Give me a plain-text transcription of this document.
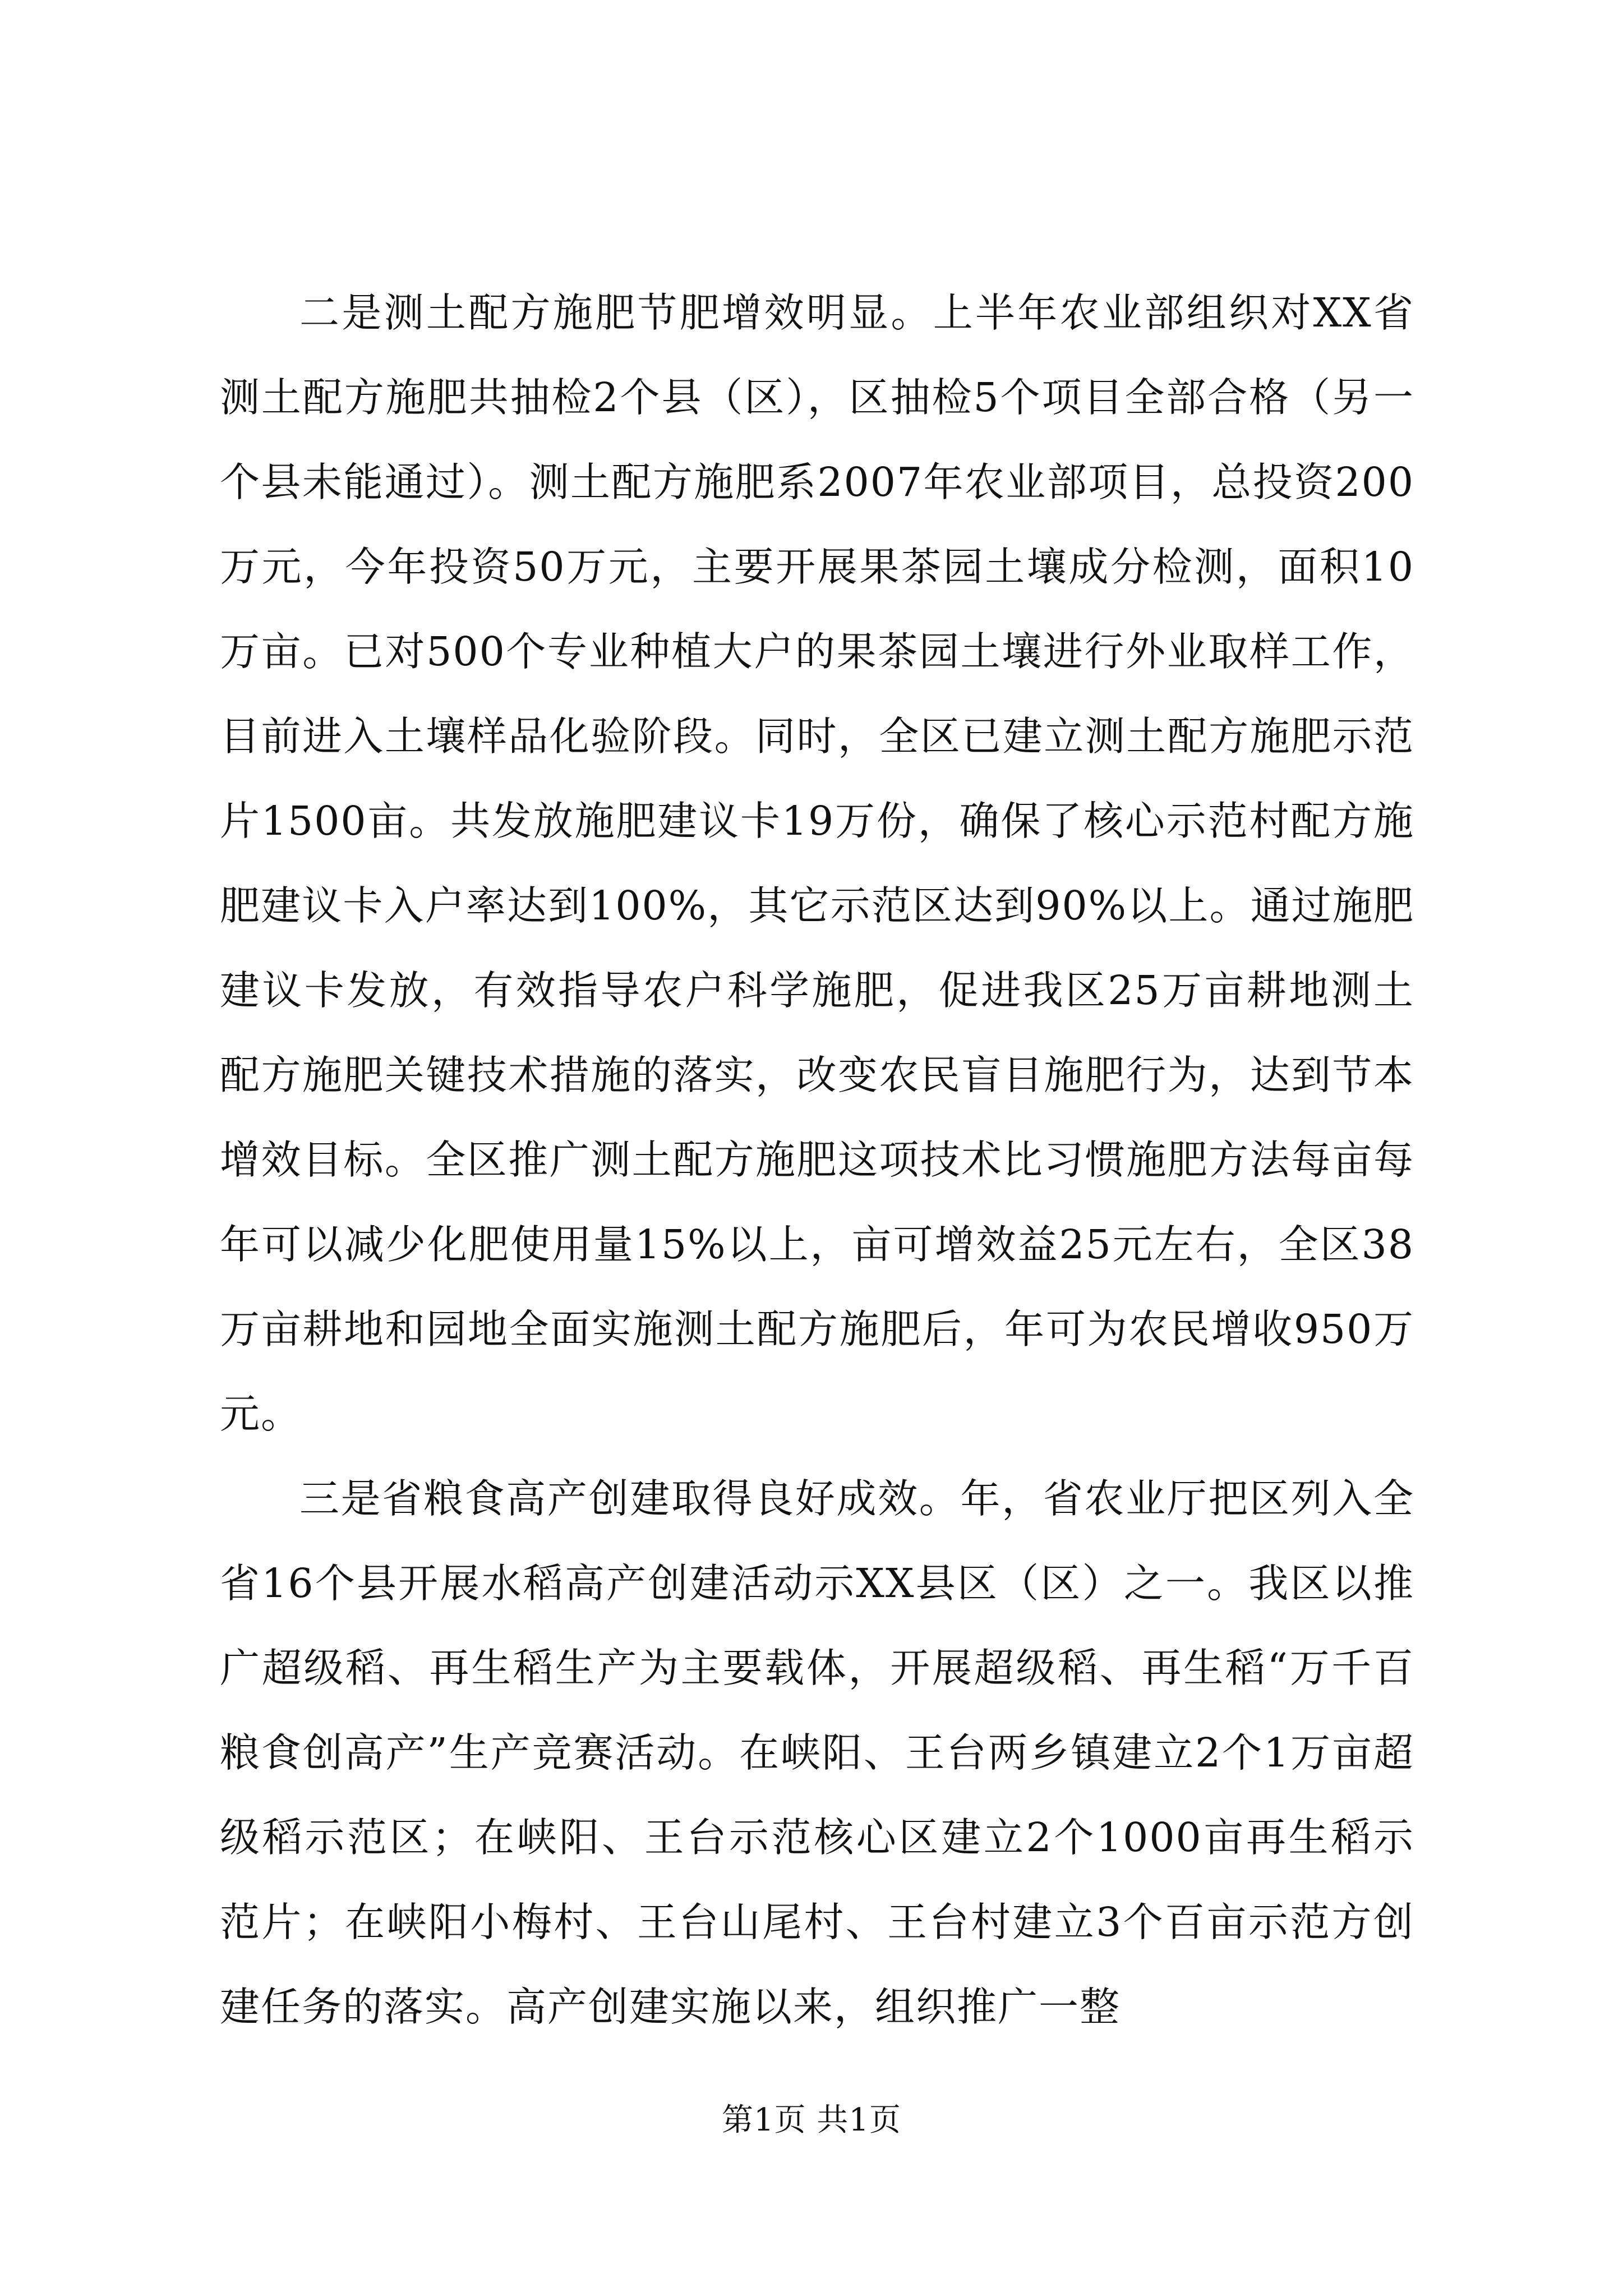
二是测土配方施肥节肥增效明显。上半年农业部组织对XX省测土配方施肥共抽检2个县（区），区抽检5个项目全部合格（另一个县未能通过）。测土配方施肥系2007年农业部项目，总投资200万元，今年投资50万元，主要开展果茶园土壤成分检测，面积10万亩。已对500个专业种植大户的果茶园土壤进行外业取样工作，目前进入土壤样品化验阶段。同时，全区已建立测土配方施肥示范片1500亩。共发放施肥建议卡19万份，确保了核心示范村配方施肥建议卡入户率达到100%，其它示范区达到90%以上。通过施肥建议卡发放，有效指导农户科学施肥，促进我区25万亩耕地测土配方施肥关键技术措施的落实，改变农民盲目施肥行为，达到节本增效目标。全区推广测土配方施肥这项技术比习惯施肥方法每亩每年可以减少化肥使用量15%以上，亩可增效益25元左右，全区38万亩耕地和园地全面实施测土配方施肥后，年可为农民增收950万元。

三是省粮食高产创建取得良好成效。年，省农业厅把区列入全省16个县开展水稻高产创建活动示XX县区（区）之一。我区以推广超级稻、再生稻生产为主要载体，开展超级稻、再生稻“万千百粮食创高产”生产竞赛活动。在峡阳、王台两乡镇建立2个1万亩超级稻示范区；在峡阳、王台示范核心区建立2个1000亩再生稻示范片；在峡阳小梅村、王台山尾村、王台村建立3个百亩示范方创建任务的落实。高产创建实施以来，组织推广一整

第1页 共1页
